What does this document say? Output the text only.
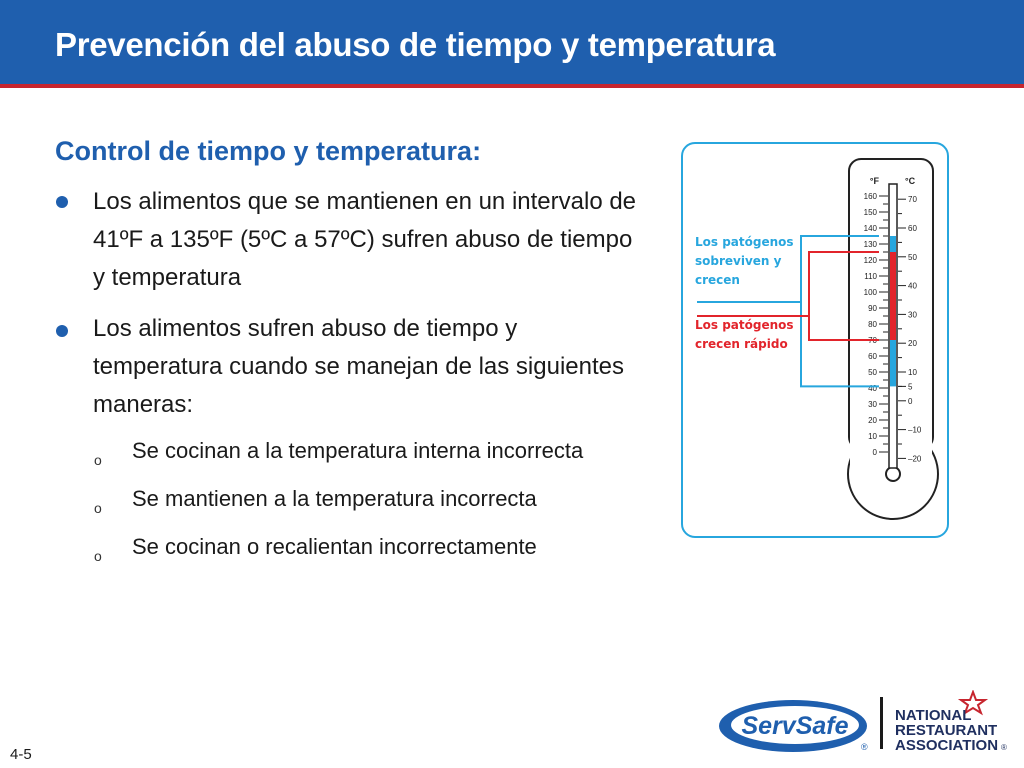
Prevención del abuso de tiempo y temperatura
Control de tiempo y temperatura:
Los alimentos que se mantienen en un intervalo de 41ºF a 135ºF (5ºC a 57ºC) sufren abuso de tiempo y temperatura
Los alimentos sufren abuso de tiempo y temperatura cuando se manejan de las siguientes maneras:
o Se cocinan a la temperatura interna incorrecta
o Se mantienen a la temperatura incorrecta
o Se cocinan o recalientan incorrectamente
°F	°C
160
150
140
130
120
110
100
90
80
70
60
50
40
30
20
10
0
70
60
50
40
30
20
10
5
0
–10
–20
Los patógenos
sobreviven y
crecen
Los patógenos
crecen rápido
4-5
ServSafe
®
NATIONAL
RESTAURANT
ASSOCIATION ®
